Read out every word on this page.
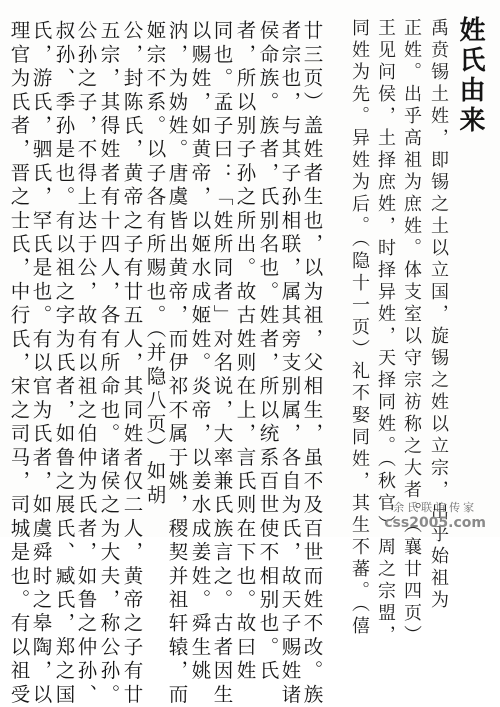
姓氏由来
禹贲锡土姓，即锡之土以立国，旋锡之姓以立宗，出乎始祖为
正姓。出乎高祖为庶姓。体支室以守宗祊称之大者。（襄廿四页）
王见问侯，土择庶姓，时择异姓，天择同姓。（秋官）周之宗盟，
同姓为先。异姓为后。（隐十一页）礼不娶同姓，其生不蕃。（僖
廿三页）盖姓者生也，以为祖，父相生，虽不及百世而姓不改。族
者宗也，与其子孙相联，属其旁支别属，各自为氏，故天子赐姓诸
侯命族。族者，氏别名也。姓者，所以统系百世使不相别也。氏
者，所以别子孙之所出。故古姓则在上，言氏则在下也。故曰姓
同也。孟子曰：「姓所同者」对名说，大率兼氏族言之。古者因生
以赐姓，如黄帝，以姬水成姬姓。炎帝，以姜水成姜姓。舜生姚
汭，为妫姓。唐虞皆出黄帝，而伊祁不属于姚，稷契并祖轩辕，而
姬宗不系。以子各有所赐也。（并隐八页）如胡
公，封陈氏，黄帝之子有廿五人，其同姓者仅二人，黄帝之子有廿
五宗，其得姓者有十四人，各有所命也。诸侯之为大夫，称公孙。
公孙之子，不得上达于公，故有以祖之伯仲为氏者，如鲁之仲孙、
叔孙、季孙是也。有以祖之字为氏者，如鲁之展氏、臧氏，郑之国
氏，游氏，驷氏，罕氏是也。有以官为氏者，如虞舜时之皋陶，以
理官为氏者，晋之士氏，中行氏，宋之司马，司城是也。有以祖受	余氏联谊传家
css2005.com
